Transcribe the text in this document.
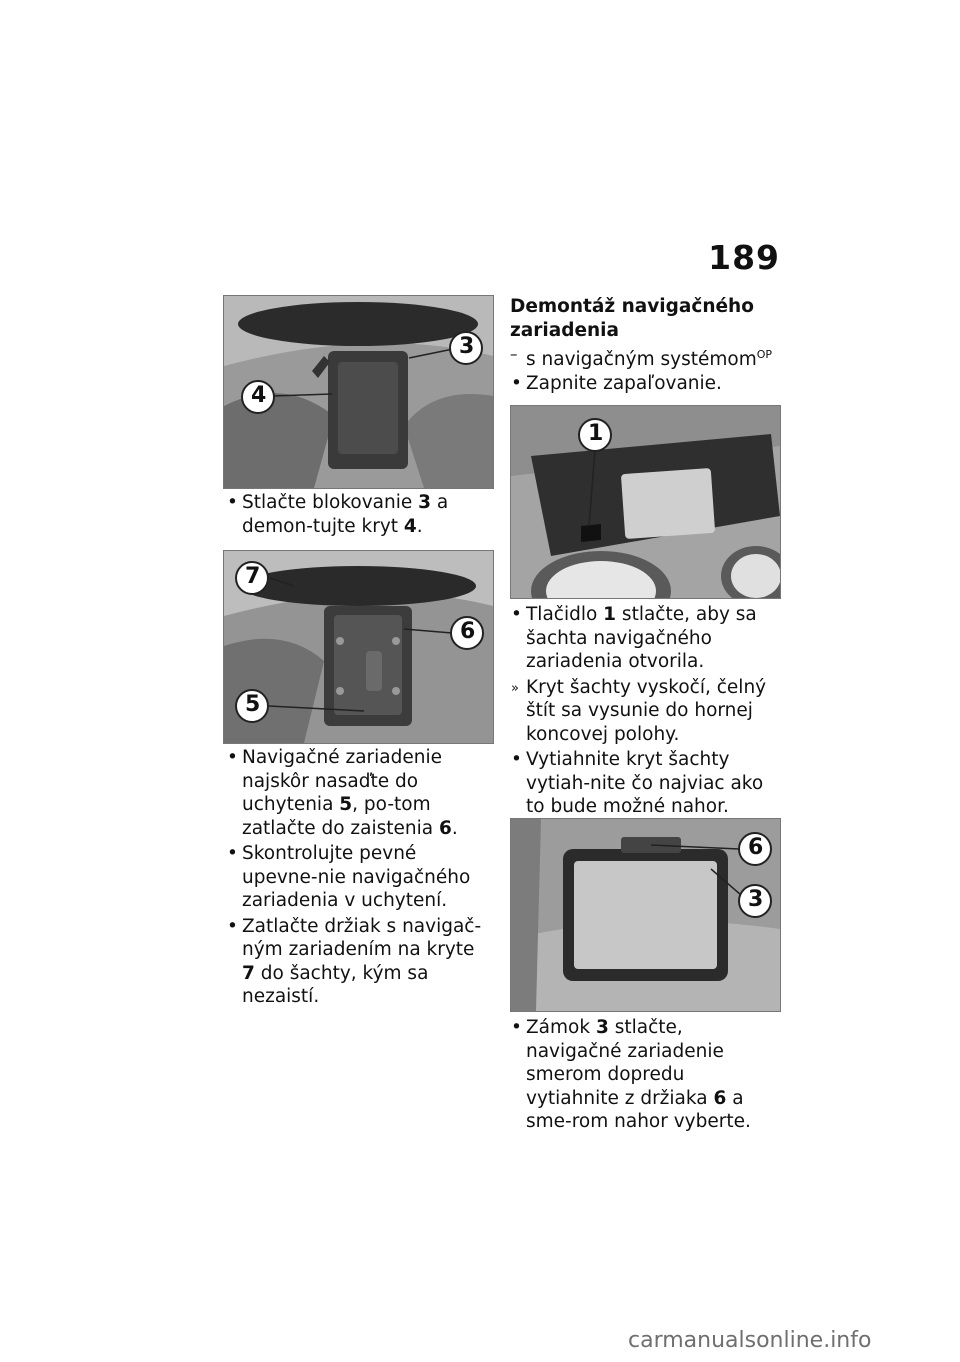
189
3
4
• Stlačte blokovanie 3 a demon-tujte kryt 4.
7
6
5
• Navigačné zariadenie najskôr nasaďte do uchytenia 5, po-tom zatlačte do zaistenia 6.
• Skontrolujte pevné upevne-nie navigačného zariadenia v uchytení.
• Zatlačte držiak s navigač-ným zariadením na kryte 7 do šachty, kým sa nezaistí.
Demontáž navigačného zariadenia
– s navigačným systémom$^{OP}$
• Zapnite zapaľovanie.
1
• Tlačidlo 1 stlačte, aby sa šachta navigačného zariadenia otvorila.
» Kryt šachty vyskočí, čelný štít sa vysunie do hornej koncovej polohy.
• Vytiahnite kryt šachty vytiah-nite čo najviac ako to bude možné nahor.
6
3
• Zámok 3 stlačte, navigačné zariadenie smerom dopredu vytiahnite z držiaka 6 a sme-rom nahor vyberte.
carmanualsonline.info
